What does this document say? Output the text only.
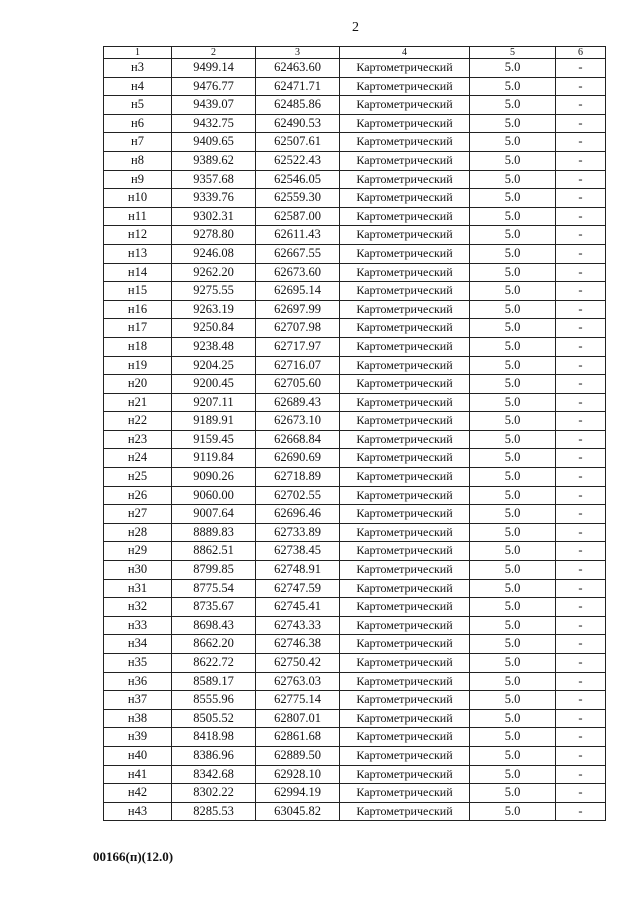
2
1	2	3	4	5	6
н3	9499.14	62463.60	Картометрический	5.0	-
н4	9476.77	62471.71	Картометрический	5.0	-
н5	9439.07	62485.86	Картометрический	5.0	-
н6	9432.75	62490.53	Картометрический	5.0	-
н7	9409.65	62507.61	Картометрический	5.0	-
н8	9389.62	62522.43	Картометрический	5.0	-
н9	9357.68	62546.05	Картометрический	5.0	-
н10	9339.76	62559.30	Картометрический	5.0	-
н11	9302.31	62587.00	Картометрический	5.0	-
н12	9278.80	62611.43	Картометрический	5.0	-
н13	9246.08	62667.55	Картометрический	5.0	-
н14	9262.20	62673.60	Картометрический	5.0	-
н15	9275.55	62695.14	Картометрический	5.0	-
н16	9263.19	62697.99	Картометрический	5.0	-
н17	9250.84	62707.98	Картометрический	5.0	-
н18	9238.48	62717.97	Картометрический	5.0	-
н19	9204.25	62716.07	Картометрический	5.0	-
н20	9200.45	62705.60	Картометрический	5.0	-
н21	9207.11	62689.43	Картометрический	5.0	-
н22	9189.91	62673.10	Картометрический	5.0	-
н23	9159.45	62668.84	Картометрический	5.0	-
н24	9119.84	62690.69	Картометрический	5.0	-
н25	9090.26	62718.89	Картометрический	5.0	-
н26	9060.00	62702.55	Картометрический	5.0	-
н27	9007.64	62696.46	Картометрический	5.0	-
н28	8889.83	62733.89	Картометрический	5.0	-
н29	8862.51	62738.45	Картометрический	5.0	-
н30	8799.85	62748.91	Картометрический	5.0	-
н31	8775.54	62747.59	Картометрический	5.0	-
н32	8735.67	62745.41	Картометрический	5.0	-
н33	8698.43	62743.33	Картометрический	5.0	-
н34	8662.20	62746.38	Картометрический	5.0	-
н35	8622.72	62750.42	Картометрический	5.0	-
н36	8589.17	62763.03	Картометрический	5.0	-
н37	8555.96	62775.14	Картометрический	5.0	-
н38	8505.52	62807.01	Картометрический	5.0	-
н39	8418.98	62861.68	Картометрический	5.0	-
н40	8386.96	62889.50	Картометрический	5.0	-
н41	8342.68	62928.10	Картометрический	5.0	-
н42	8302.22	62994.19	Картометрический	5.0	-
н43	8285.53	63045.82	Картометрический	5.0	-
00166(п)(12.0)
